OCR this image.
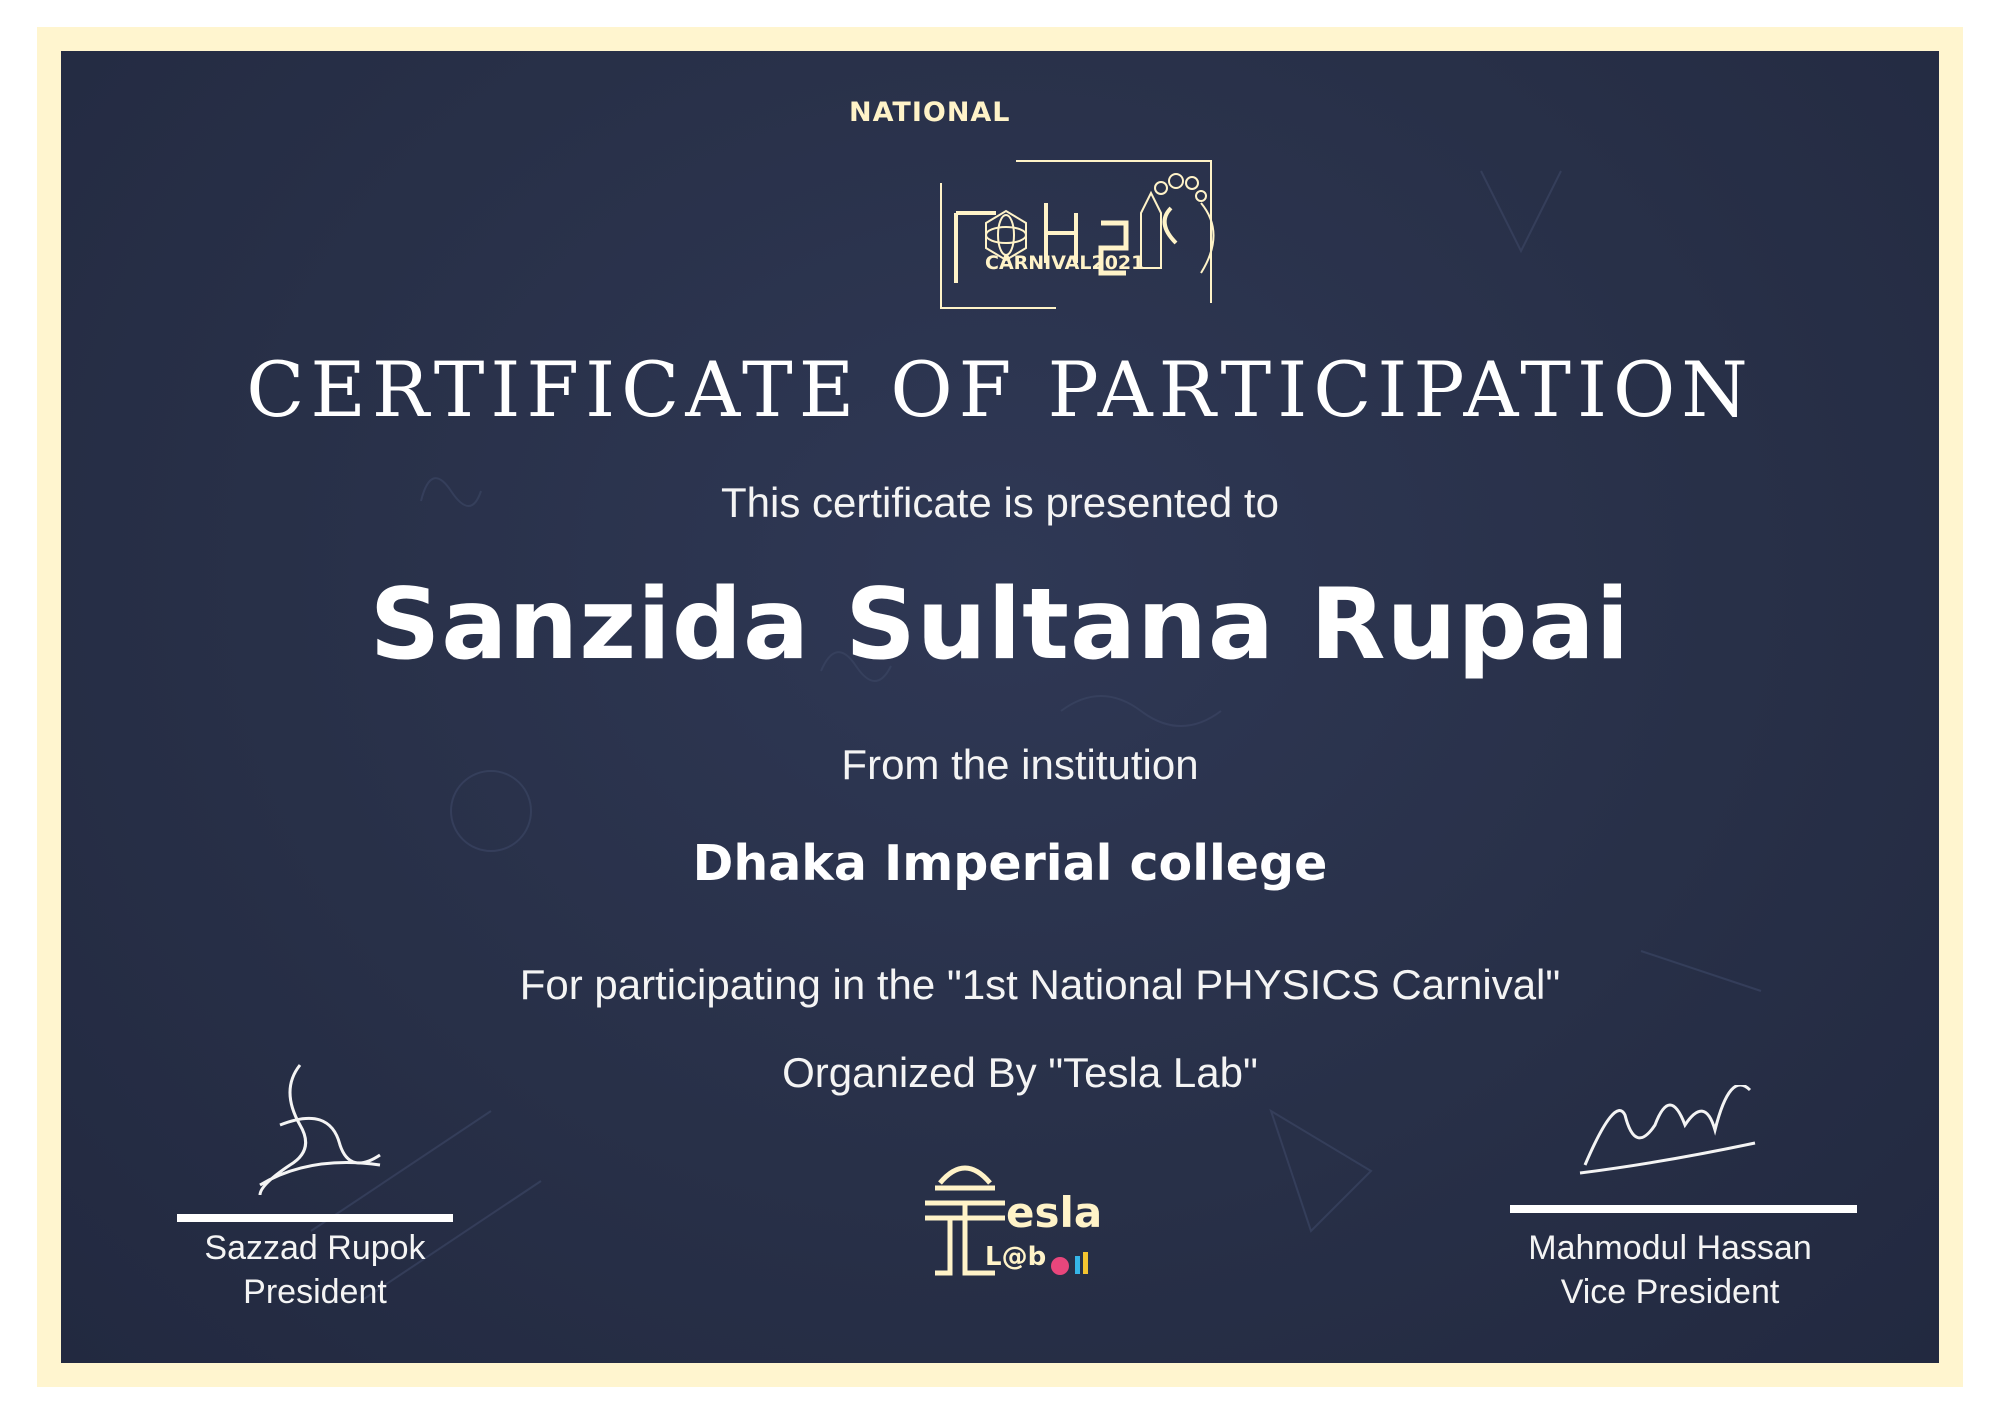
NATIONAL
CARNIVAL2021
CERTIFICATE OF PARTICIPATION
This certificate is presented to
Sanzida Sultana Rupai
From the institution
Dhaka Imperial college
For participating in the "1st National PHYSICS Carnival"
Organized By "Tesla Lab"
Sazzad Rupok
President
Mahmodul Hassan
Vice President
esla
L@b
